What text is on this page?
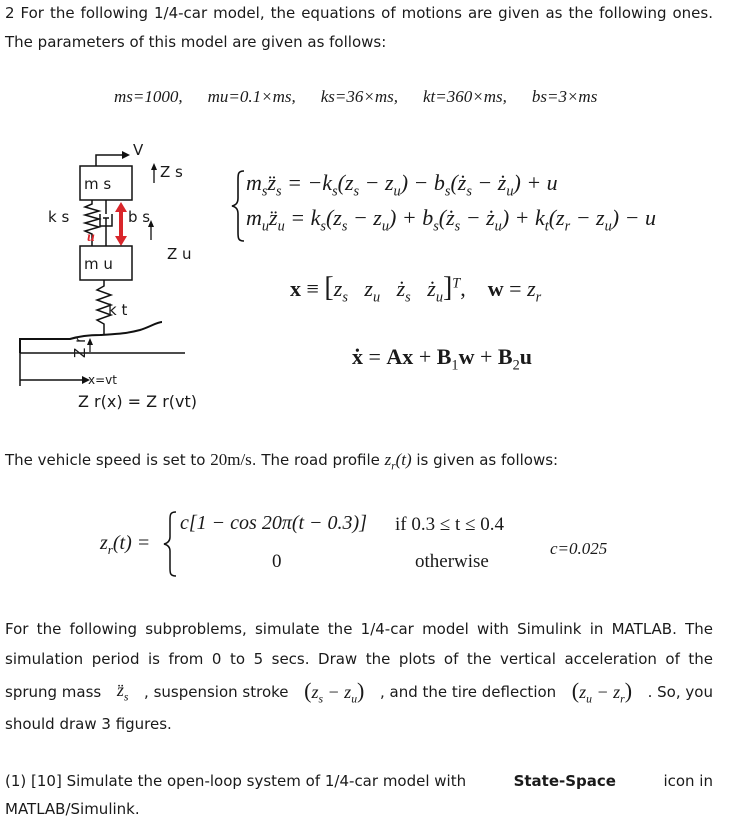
2 For the following 1/4-car model, the equations of motions are given as the following ones.
The parameters of this model are given as follows:
ms=1000, mu=0.1×ms, ks=36×ms, kt=360×ms, bs=3×ms
m s
m u
k s	b s
u
k t
V
Z s
Z u
Z r
x=vt
Z r(x) = Z r(vt)
$m_sz̈_s = -k_s(z_s - z_u)$ − $b_s(ż_s$ − $ż_u) + u$
$m_uz̈_u = k_s(z_s - z_u)$ + $b_s(ż_s$ − $ż_u) + k_t(z_r - z_u) - u$
$x \equiv [z_s$   $z_u$   $ż_s$   $ż_u]^T$,    $w = z_r$
ẋ = $Ax + B_1w + B_2u$
The vehicle speed is set to 20m/s. The road profile $z_r(t)$ is given as follows:
$z_r(t)$ =
c[1 − cos 20π(t − 0.3)] if 0.3 ≤ t ≤ 0.4
0	otherwise
c=0.025
For the following subproblems, simulate the 1/4-car model with Simulink in MATLAB. The
simulation period is from 0 to 5 secs. Draw the plots of the vertical acceleration of the
sprung mass $z̈_s$ , suspension stroke $(z_s - z_u)$ , and the tire deflection $(z_u - z_r)$ . So, you
should draw 3 figures.
(1) [10] Simulate the open-loop system of 1/4-car model with	State-Space	icon in
MATLAB/Simulink.
